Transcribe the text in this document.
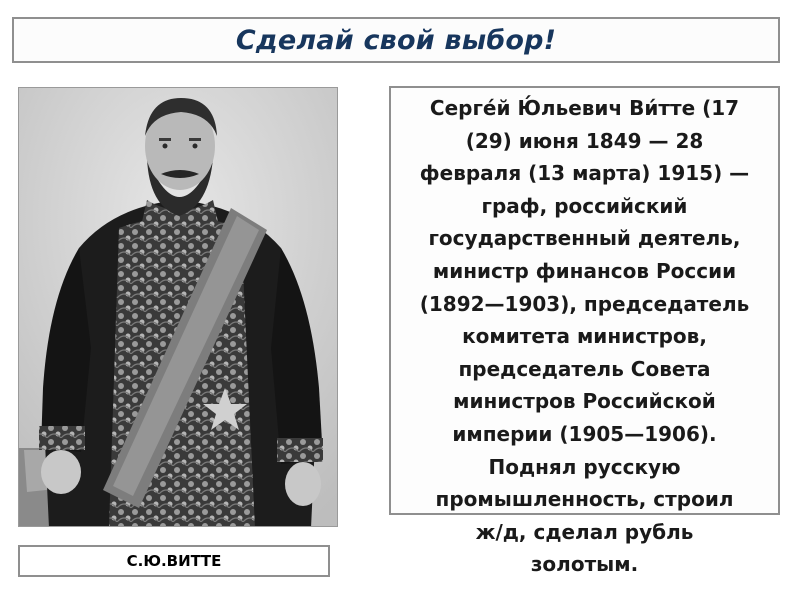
Сделай свой выбор!
С.Ю.ВИТТЕ

Серге́й Ю́льевич Ви́тте (17
(29) июня 1849 — 28
февраля (13 марта) 1915) —
граф, российский
государственный деятель,
министр финансов России
(1892—1903), председатель
комитета министров,
председатель Совета
министров Российской
империи (1905—1906).
Поднял русскую
промышленность, строил
ж/д, сделал рубль
золотым.
